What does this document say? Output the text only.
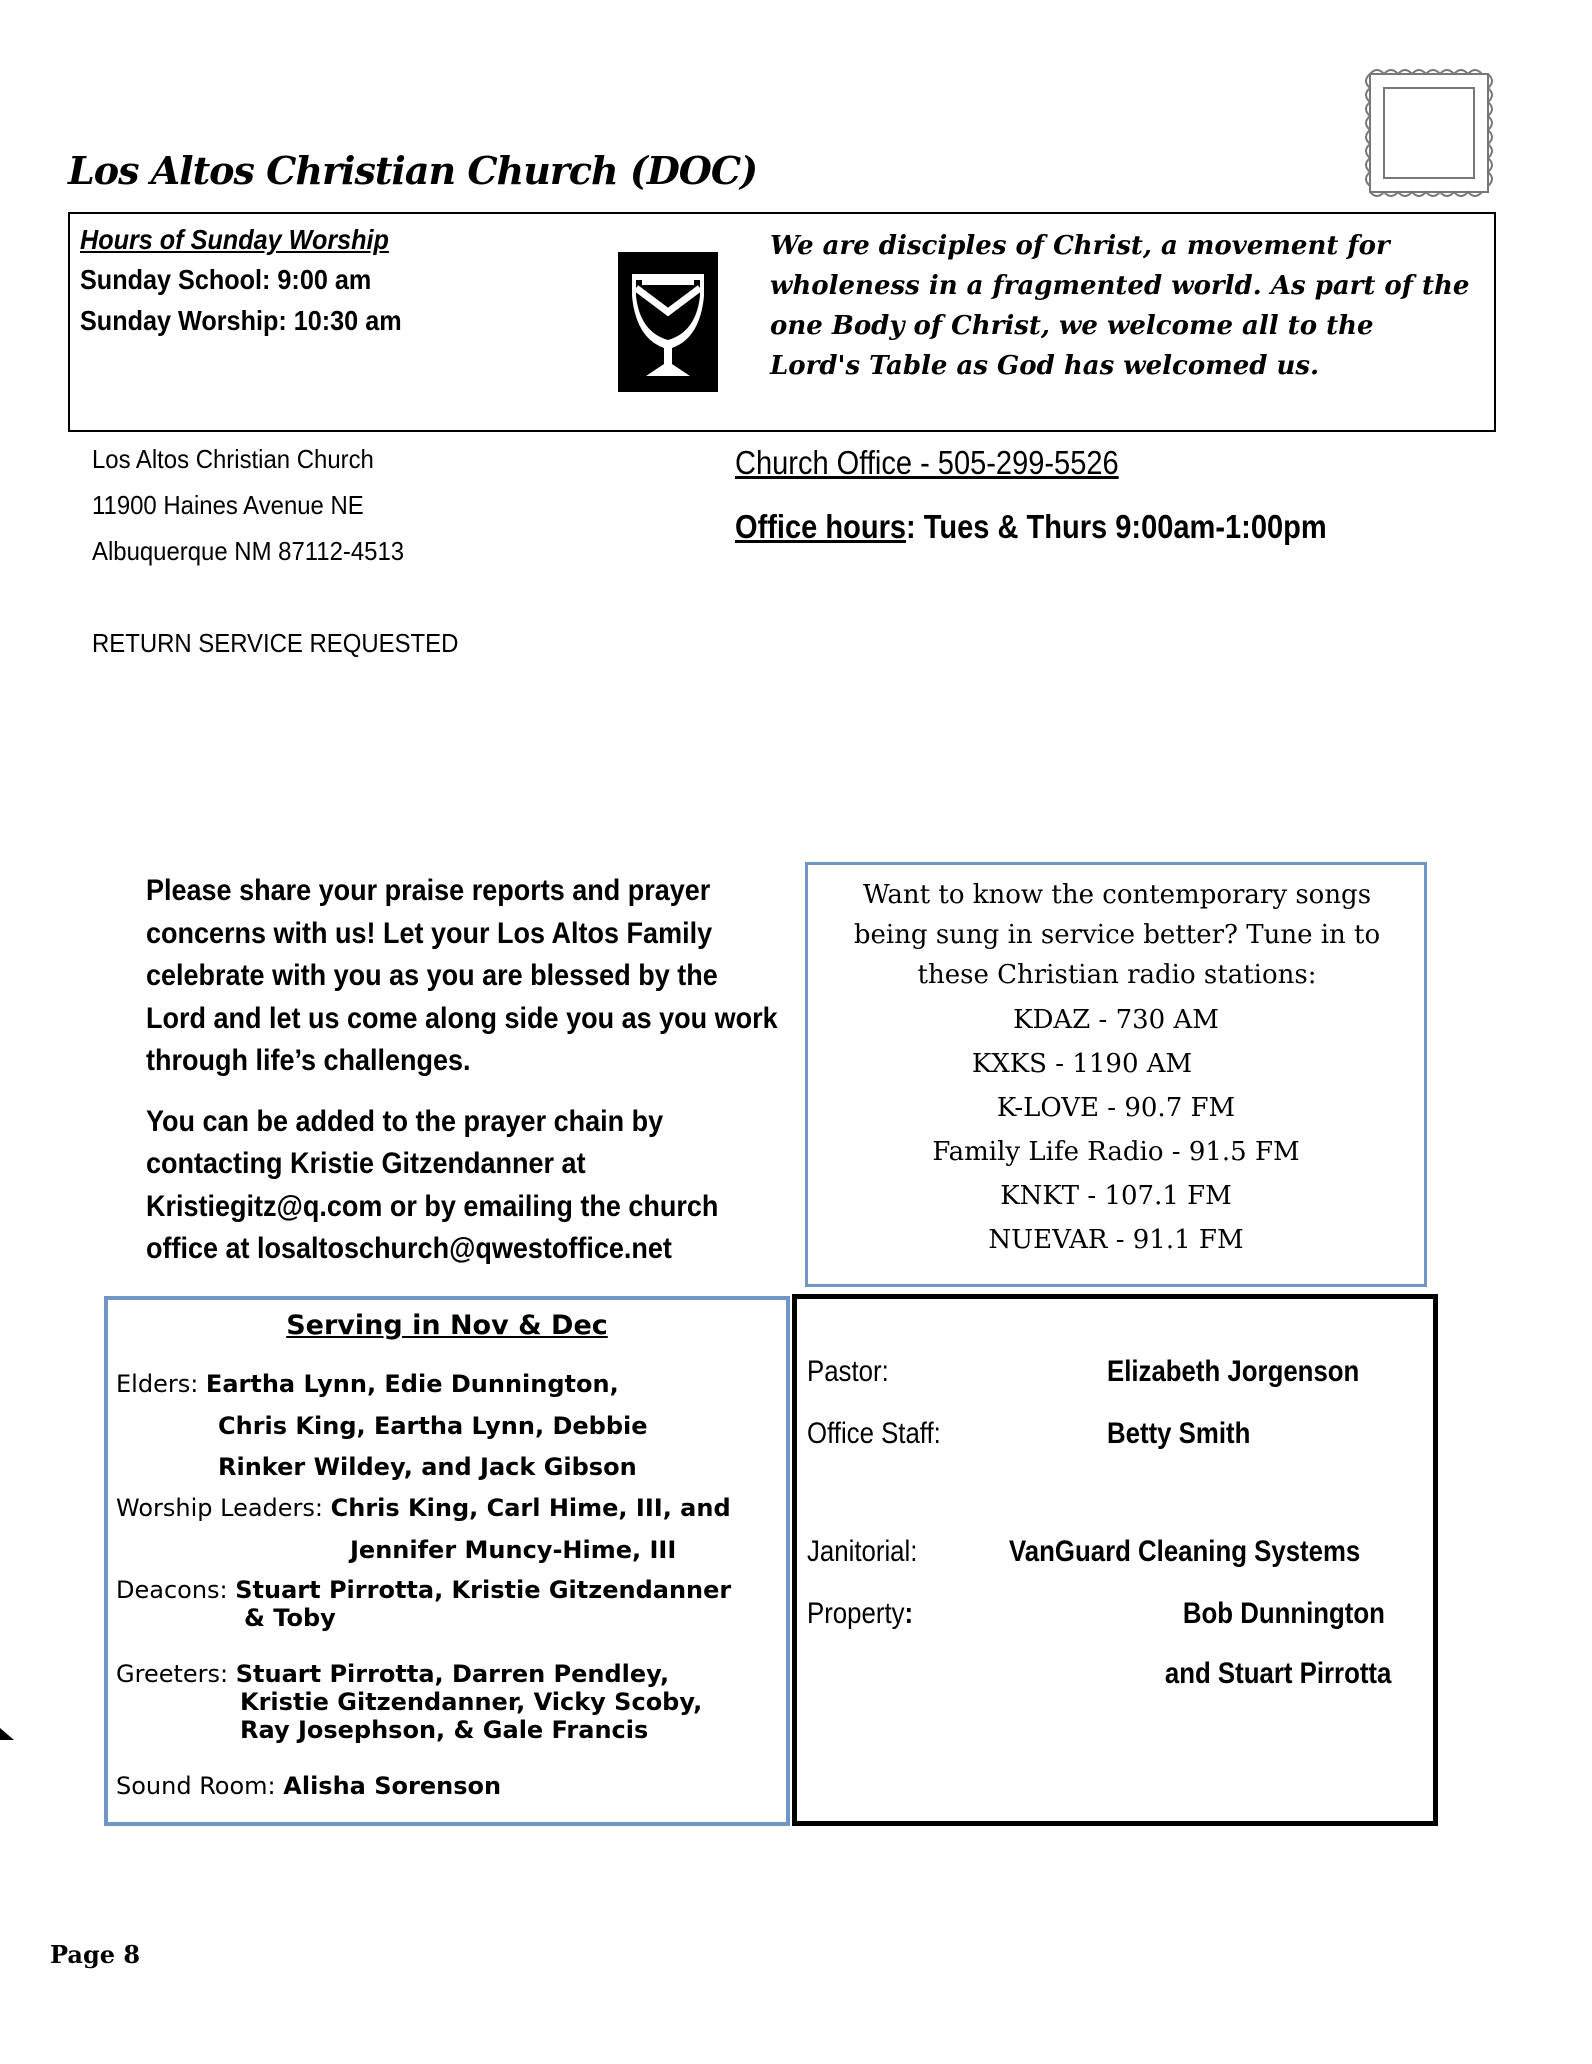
Los Altos Christian Church (DOC)
Hours of Sunday Worship
Sunday School: 9:00 am
Sunday Worship: 10:30 am
We are disciples of Christ, a movement for wholeness in a fragmented world. As part of the one Body of Christ, we welcome all to the Lord's Table as God has welcomed us.
Los Altos Christian Church
11900 Haines Avenue NE
Albuquerque NM 87112-4513
RETURN SERVICE REQUESTED
Church Office - 505-299-5526
Office hours: Tues & Thurs 9:00am-1:00pm

Please share your praise reports and prayer concerns with us! Let your Los Altos Family celebrate with you as you are blessed by the Lord and let us come along side you as you work through life’s challenges.

You can be added to the prayer chain by contacting Kristie Gitzendanner at Kristiegitz@q.com or by emailing the church office at losaltoschurch@qwestoffice.net

Want to know the contemporary songs being sung in service better? Tune in to these Christian radio stations:
KDAZ - 730 AM
KXKS - 1190 AM
K-LOVE - 90.7 FM
Family Life Radio - 91.5 FM
KNKT - 107.1 FM
NUEVAR - 91.1 FM
Serving in Nov & Dec
Elders: Eartha Lynn, Edie Dunnington,
Chris King, Eartha Lynn, Debbie
Rinker Wildey, and Jack Gibson
Worship Leaders: Chris King, Carl Hime, III, and
Jennifer Muncy-Hime, III
Deacons: Stuart Pirrotta, Kristie Gitzendanner
& Toby
Greeters: Stuart Pirrotta, Darren Pendley,
Kristie Gitzendanner, Vicky Scoby,
Ray Josephson, & Gale Francis
Sound Room: Alisha Sorenson
Pastor:	Elizabeth Jorgenson
Office Staff:	Betty Smith
Janitorial:	VanGuard Cleaning Systems
Property:	Bob Dunnington
and Stuart Pirrotta
Page 8
